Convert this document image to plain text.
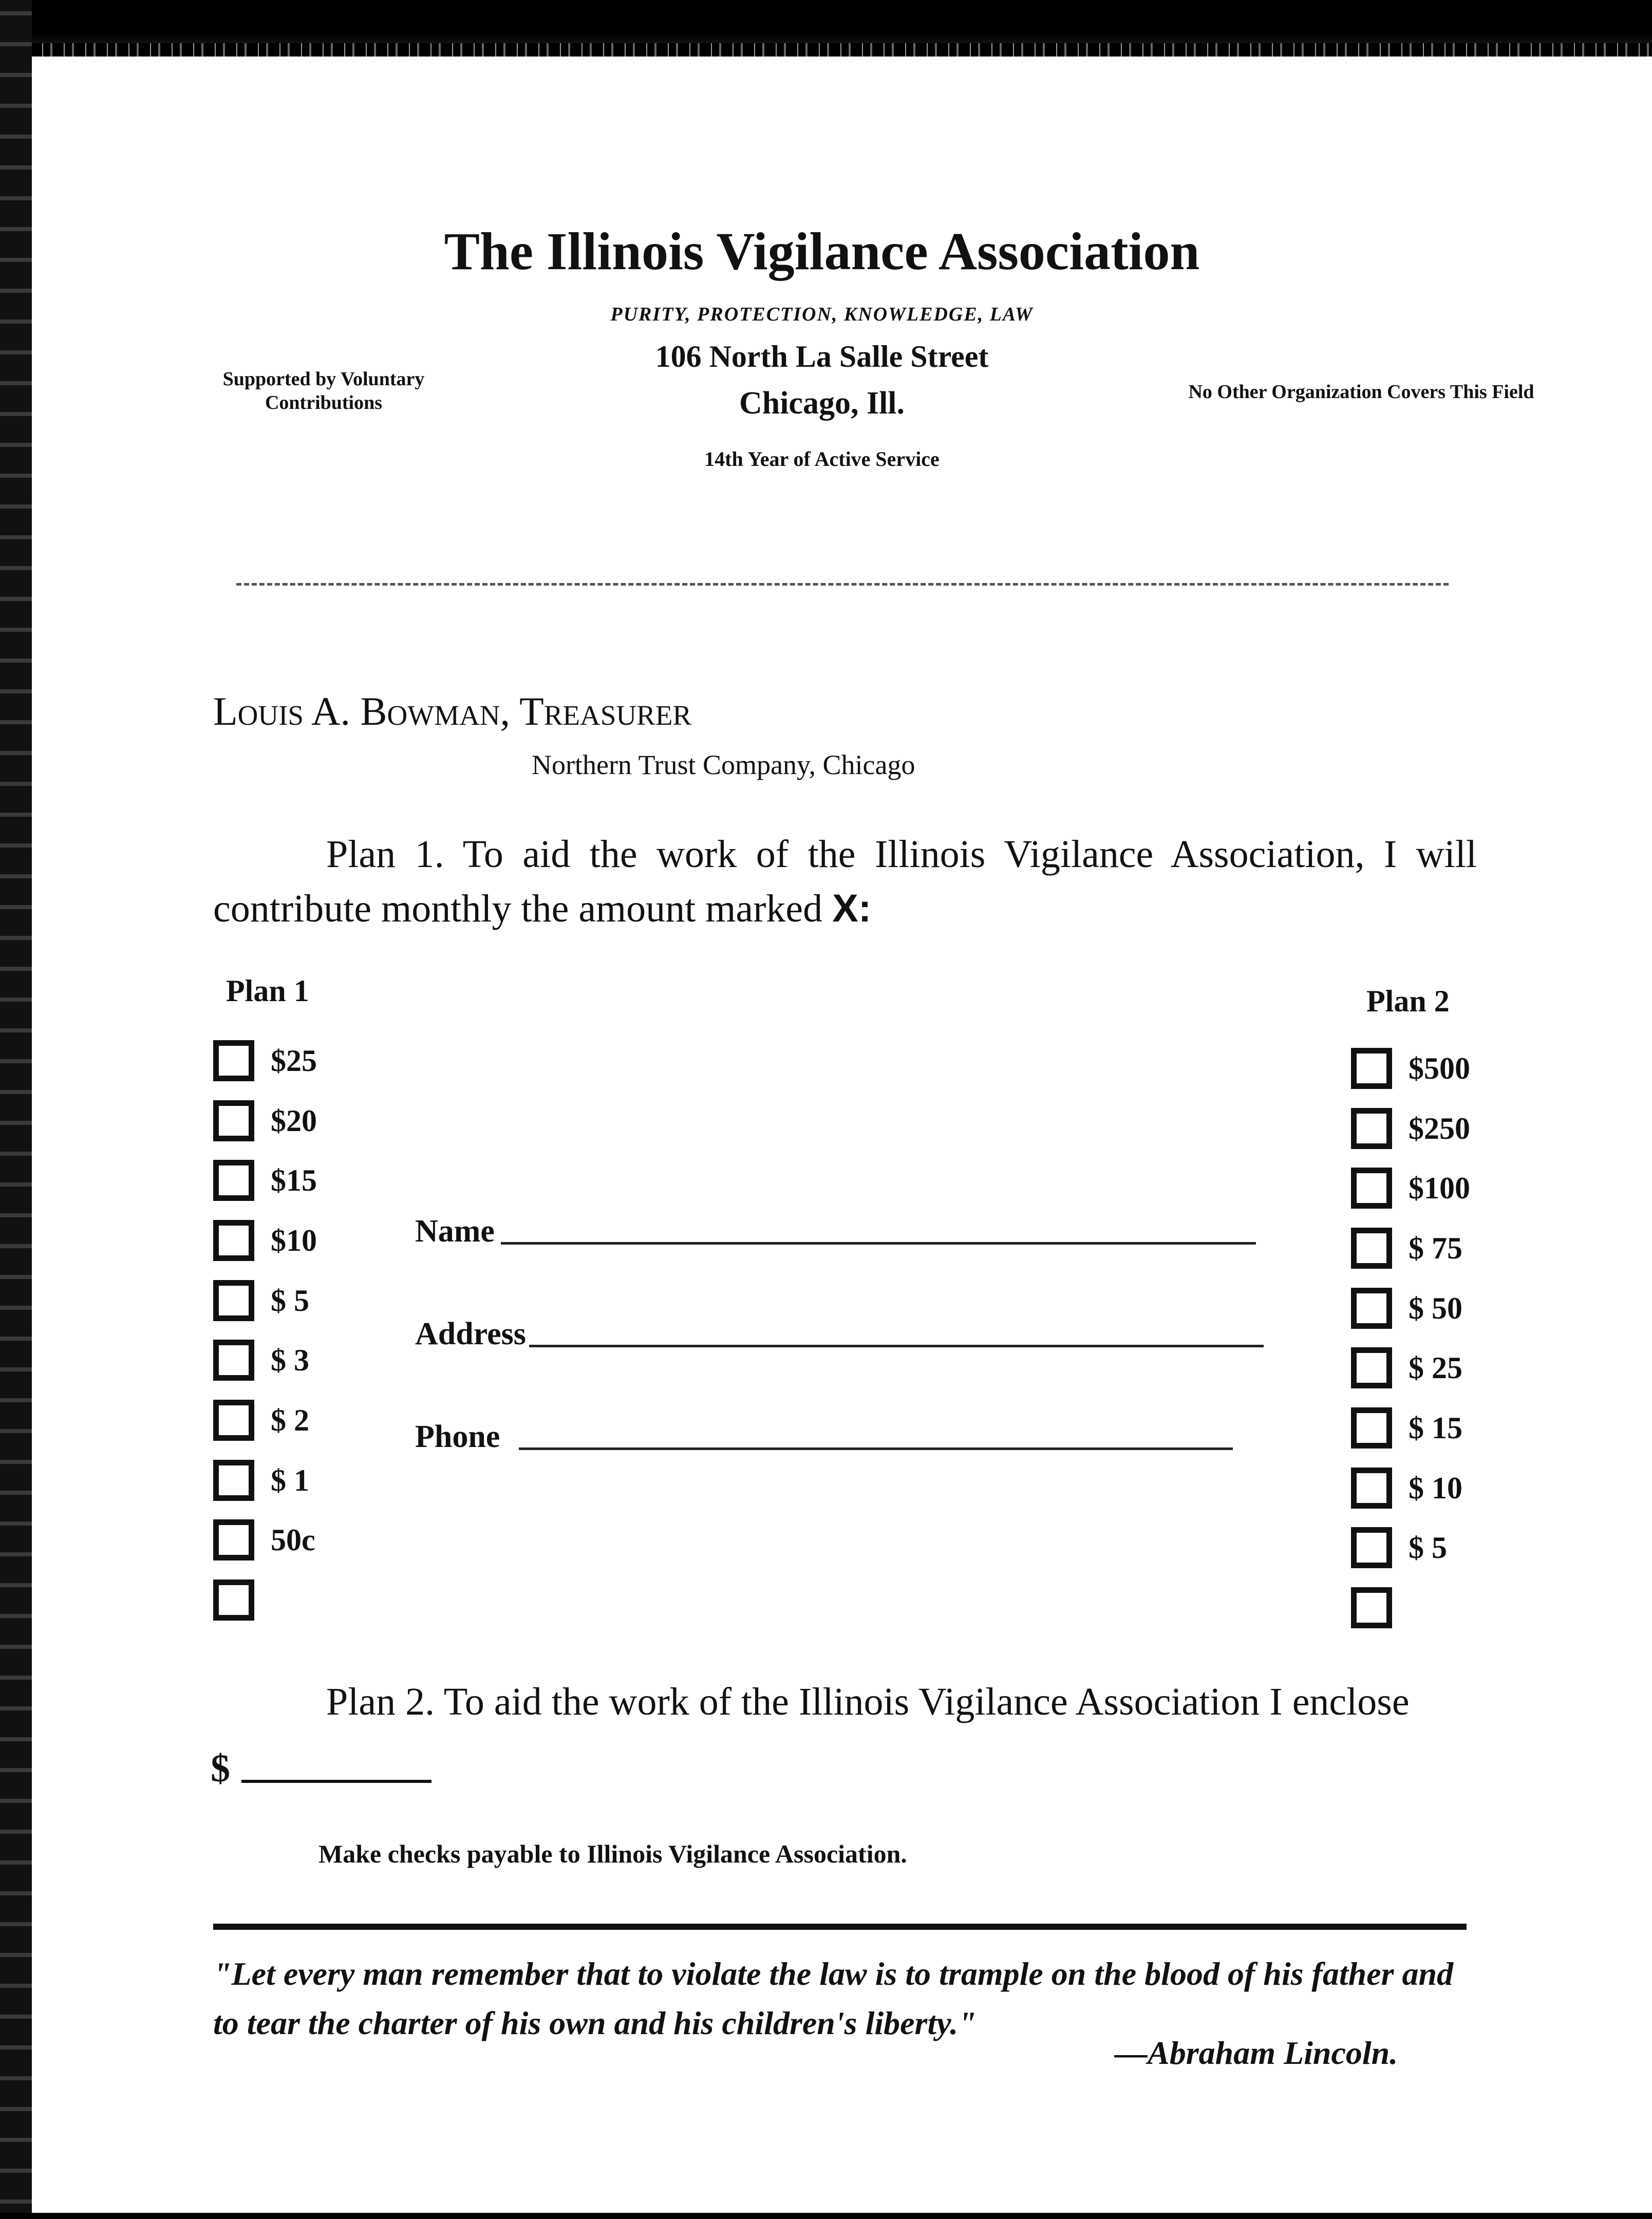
The Illinois Vigilance Association
PURITY, PROTECTION, KNOWLEDGE, LAW
106 North La Salle Street
Chicago, Ill.
14th Year of Active Service
Supported by Voluntary Contributions	No Other Organization Covers This Field
Louis A. Bowman, Treasurer
Northern Trust Company, Chicago
Plan 1. To aid the work of the Illinois Vigilance Association, I will contribute monthly the amount marked X:
Plan 1	Plan 2
$25
$20
$15
$10
$ 5
$ 3
$ 2
$ 1
50c
$500
$250
$100
$ 75
$ 50
$ 25
$ 15
$ 10
$ 5
Name
Address
Phone
Plan 2. To aid the work of the Illinois Vigilance Association I enclose
$
Make checks payable to Illinois Vigilance Association.
"Let every man remember that to violate the law is to trample on the blood of his father and to tear the charter of his own and his children's liberty."
—Abraham Lincoln.
